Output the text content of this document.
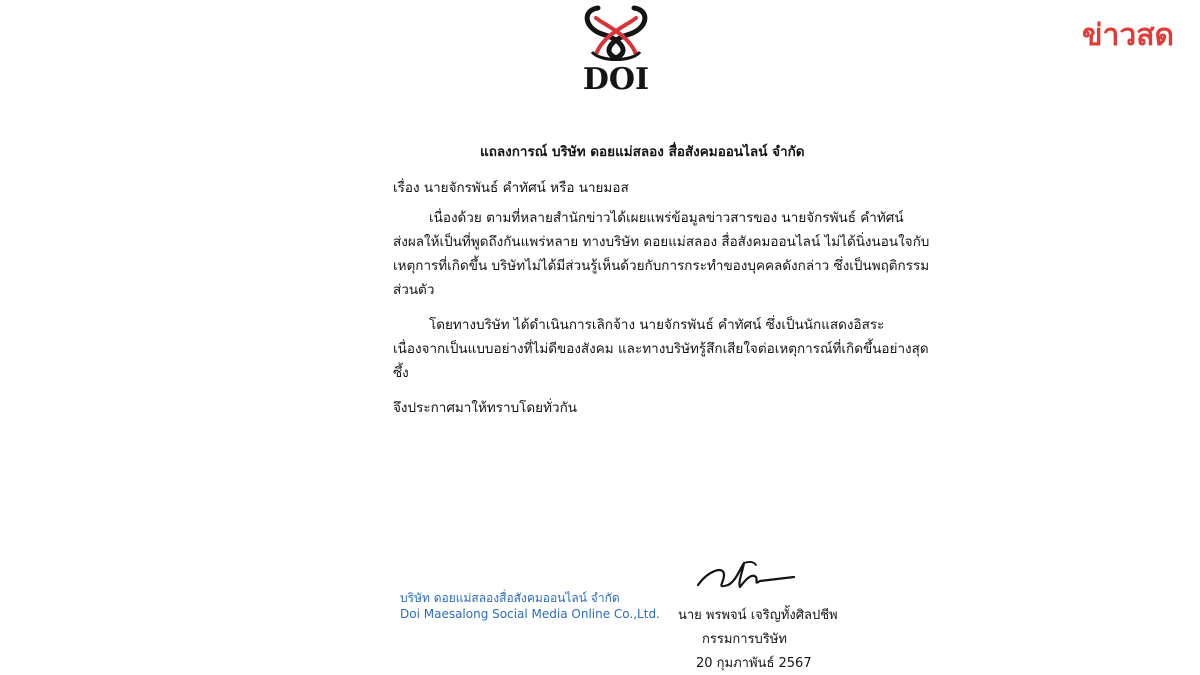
DOI
ข่าวสด
แถลงการณ์ บริษัท ดอยแม่สลอง สื่อสังคมออนไลน์ จำกัด
เรื่อง นายจักรพันธ์ คำทัศน์ หรือ นายมอส
เนื่องด้วย ตามที่หลายสำนักข่าวได้เผยแพร่ข้อมูลข่าวสารของ นายจักรพันธ์ คำทัศน์
ส่งผลให้เป็นที่พูดถึงกันแพร่หลาย ทางบริษัท ดอยแม่สลอง สื่อสังคมออนไลน์ ไม่ได้นิ่งนอนใจกับ
เหตุการที่เกิดขึ้น บริษัทไม่ได้มีส่วนรู้เห็นด้วยกับการกระทำของบุคคลดังกล่าว ซึ่งเป็นพฤติกรรม
ส่วนตัว
โดยทางบริษัท ได้ดำเนินการเลิกจ้าง นายจักรพันธ์ คำทัศน์ ซึ่งเป็นนักแสดงอิสระ
เนื่องจากเป็นแบบอย่างที่ไม่ดีของสังคม และทางบริษัทรู้สึกเสียใจต่อเหตุการณ์ที่เกิดขึ้นอย่างสุด
ซึ้ง
จึงประกาศมาให้ทราบโดยทั่วกัน
บริษัท ดอยแม่สลองสื่อสังคมออนไลน์ จำกัด
Doi Maesalong Social Media Online Co.,Ltd. นาย พรพจน์ เจริญทั้งศิลปชีพ
กรรมการบริษัท
20 กุมภาพันธ์ 2567
